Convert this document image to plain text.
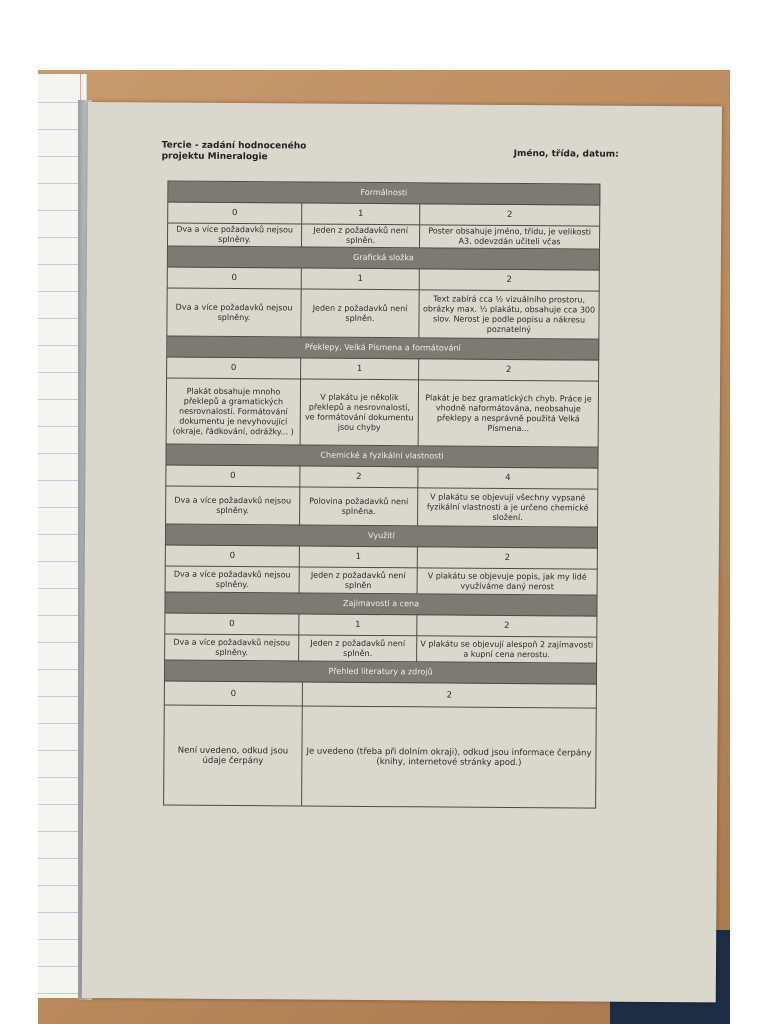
Tercie - zadání hodnoceného
projektu Mineralogie	Jméno, třída, datum:
Formálnosti			
0	1		2
Dva a více požadavků nejsou splněny.	Jeden z požadavků není splněn.		Poster obsahuje jméno, třídu, je velikosti A3, odevzdán učiteli včas
Grafická složka			
0	1		2
Dva a více požadavků nejsou splněny.	Jeden z požadavků není splněn.		Text zabírá cca ½ vizuálního prostoru, obrázky max. ⅓ plakátu, obsahuje cca 300 slov. Nerost je podle popisu a nákresu poznatelný
Překlepy, Velká Písmena a formátování			
0	1		2
Plakát obsahuje mnoho překlepů a gramatických nesrovnalostí. Formátování dokumentu je nevyhovující (okraje, řádkování, odrážky... )	V plakátu je několik překlepů a nesrovnalostí, ve formátování dokumentu jsou chyby		Plakát je bez gramatických chyb. Práce je vhodně naformátována, neobsahuje překlepy a nesprávně použitá Velká Písmena...
Chemické a fyzikální vlastnosti			
0	2		4
Dva a více požadavků nejsou splněny.	Polovina požadavků není splněna.		V plakátu se objevují všechny vypsané fyzikální vlastnosti a je určeno chemické složení.
Využití			
0	1		2
Dva a více požadavků nejsou splněny.	Jeden z požadavků není splněn		V plakátu se objevuje popis, jak my lidé využíváme daný nerost
Zajímavosti a cena			
0	1		2
Dva a více požadavků nejsou splněny.	Jeden z požadavků není splněn.		V plakátu se objevují alespoň 2 zajímavosti a kupní cena nerostu.
Přehled literatury a zdrojů			
0		2	
Není uvedeno, odkud jsou údaje čerpány		Je uvedeno (třeba při dolním okraji), odkud jsou informace čerpány (knihy, internetové stránky apod.)	
